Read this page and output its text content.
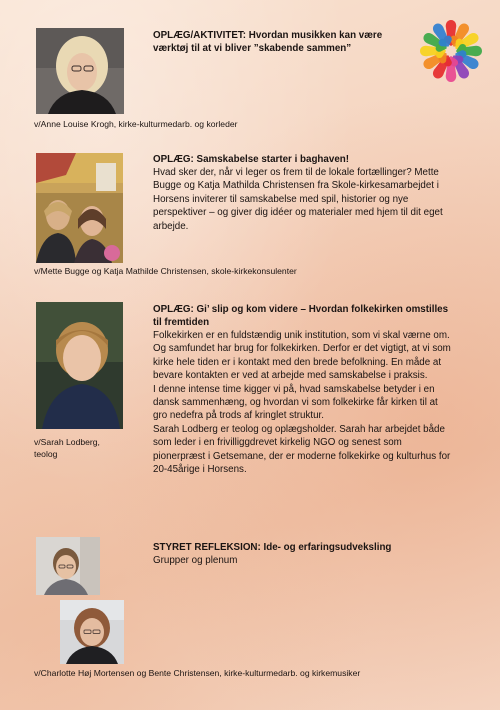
OPLÆG/AKTIVITET: Hvordan musikken kan være værktøj til at vi bliver ”skabende sammen”
v/Anne Louise Krogh, kirke-kulturmedarb. og korleder
OPLÆG: Samskabelse starter i baghaven!
Hvad sker der, når vi leger os frem til de lokale fortællinger? Mette Bugge og Katja Mathilda Christensen fra Skole-kirkesamarbejdet i Horsens inviterer til samskabelse med spil, historier og nye perspektiver – og giver dig idéer og materialer med hjem til dit eget arbejde.
v/Mette Bugge og Katja Mathilde Christensen, skole-kirkekonsulenter
OPLÆG: Gi’ slip og kom videre – Hvordan folkekirken omstilles til fremtiden

Folkekirken er en fuldstændig unik institution, som vi skal værne om. Og samfundet har brug for folkekirken. Derfor er det vigtigt, at vi som kirke hele tiden er i kontakt med den brede befolkning. En måde at bevare kontakten er ved at arbejde med samskabelse i praksis.

I denne intense time kigger vi på, hvad samskabelse betyder i en dansk sammenhæng, og hvordan vi som folkekirke får kirken til at gro nedefra på trods af kringlet struktur.

Sarah Lodberg er teolog og oplægsholder. Sarah har arbejdet både som leder i en frivilliggdrevet kirkelig NGO og senest som pionerpræst i Getsemane, der er moderne folkekirke og kulturhus for 20-45årige i Horsens.

v/Sarah Lodberg,
teolog
STYRET REFLEKSION: Ide- og erfaringsudveksling
Grupper og plenum
v/Charlotte Høj Mortensen og Bente Christensen, kirke-kulturmedarb. og kirkemusiker
